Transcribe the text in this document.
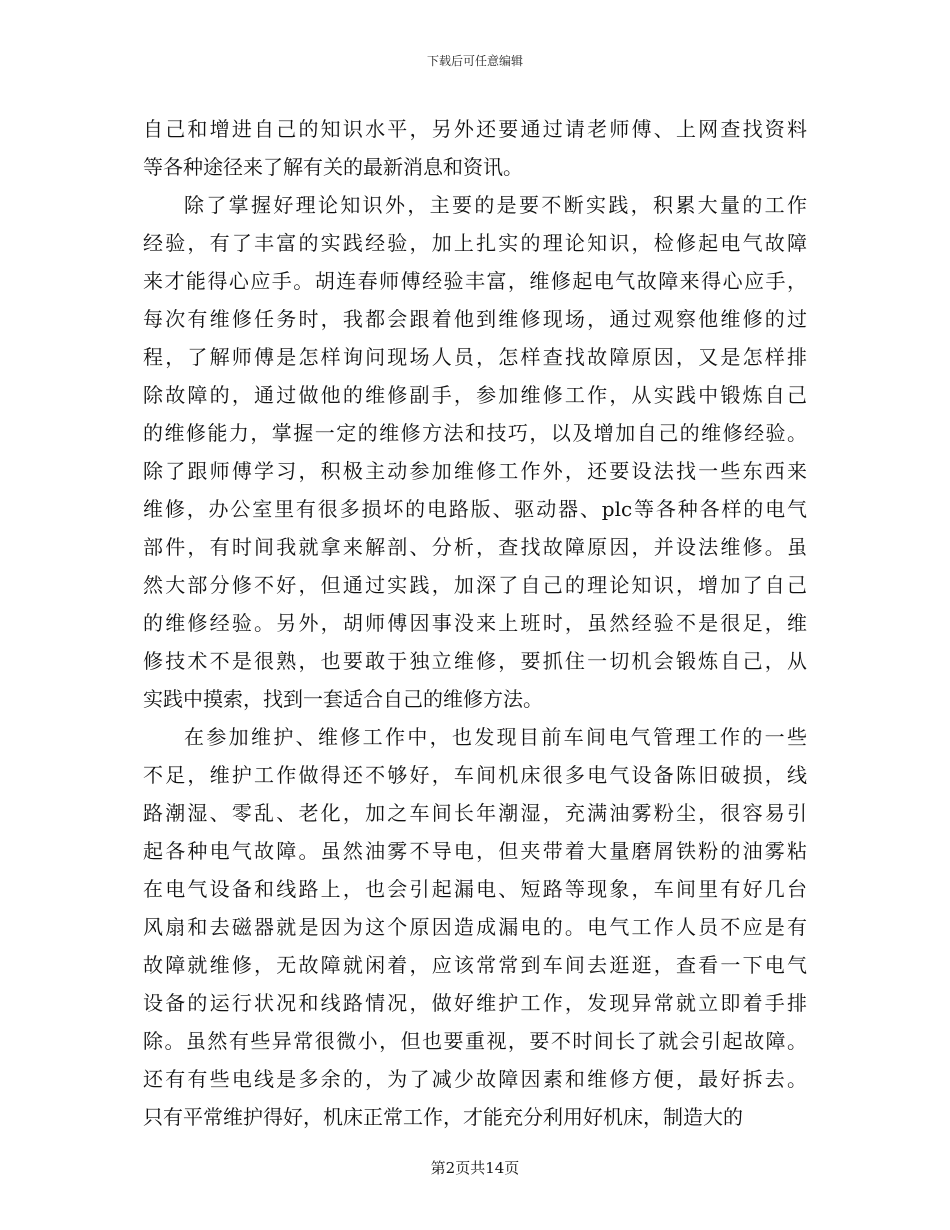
下载后可任意编辑
自己和增进自己的知识水平，另外还要通过请老师傅、上网查找资料
等各种途径来了解有关的最新消息和资讯。
除了掌握好理论知识外，主要的是要不断实践，积累大量的工作
经验，有了丰富的实践经验，加上扎实的理论知识，检修起电气故障
来才能得心应手。胡连春师傅经验丰富，维修起电气故障来得心应手，
每次有维修任务时，我都会跟着他到维修现场，通过观察他维修的过
程，了解师傅是怎样询问现场人员，怎样查找故障原因，又是怎样排
除故障的，通过做他的维修副手，参加维修工作，从实践中锻炼自己
的维修能力，掌握一定的维修方法和技巧，以及增加自己的维修经验。
除了跟师傅学习，积极主动参加维修工作外，还要设法找一些东西来
维修，办公室里有很多损坏的电路版、驱动器、plc等各种各样的电气
部件，有时间我就拿来解剖、分析，查找故障原因，并设法维修。虽
然大部分修不好，但通过实践，加深了自己的理论知识，增加了自己
的维修经验。另外，胡师傅因事没来上班时，虽然经验不是很足，维
修技术不是很熟，也要敢于独立维修，要抓住一切机会锻炼自己，从
实践中摸索，找到一套适合自己的维修方法。
在参加维护、维修工作中，也发现目前车间电气管理工作的一些
不足，维护工作做得还不够好，车间机床很多电气设备陈旧破损，线
路潮湿、零乱、老化，加之车间长年潮湿，充满油雾粉尘，很容易引
起各种电气故障。虽然油雾不导电，但夹带着大量磨屑铁粉的油雾粘
在电气设备和线路上，也会引起漏电、短路等现象，车间里有好几台
风扇和去磁器就是因为这个原因造成漏电的。电气工作人员不应是有
故障就维修，无故障就闲着，应该常常到车间去逛逛，查看一下电气
设备的运行状况和线路情况，做好维护工作，发现异常就立即着手排
除。虽然有些异常很微小，但也要重视，要不时间长了就会引起故障。
还有有些电线是多余的，为了减少故障因素和维修方便，最好拆去。
只有平常维护得好，机床正常工作，才能充分利用好机床，制造大的
第2页共14页
